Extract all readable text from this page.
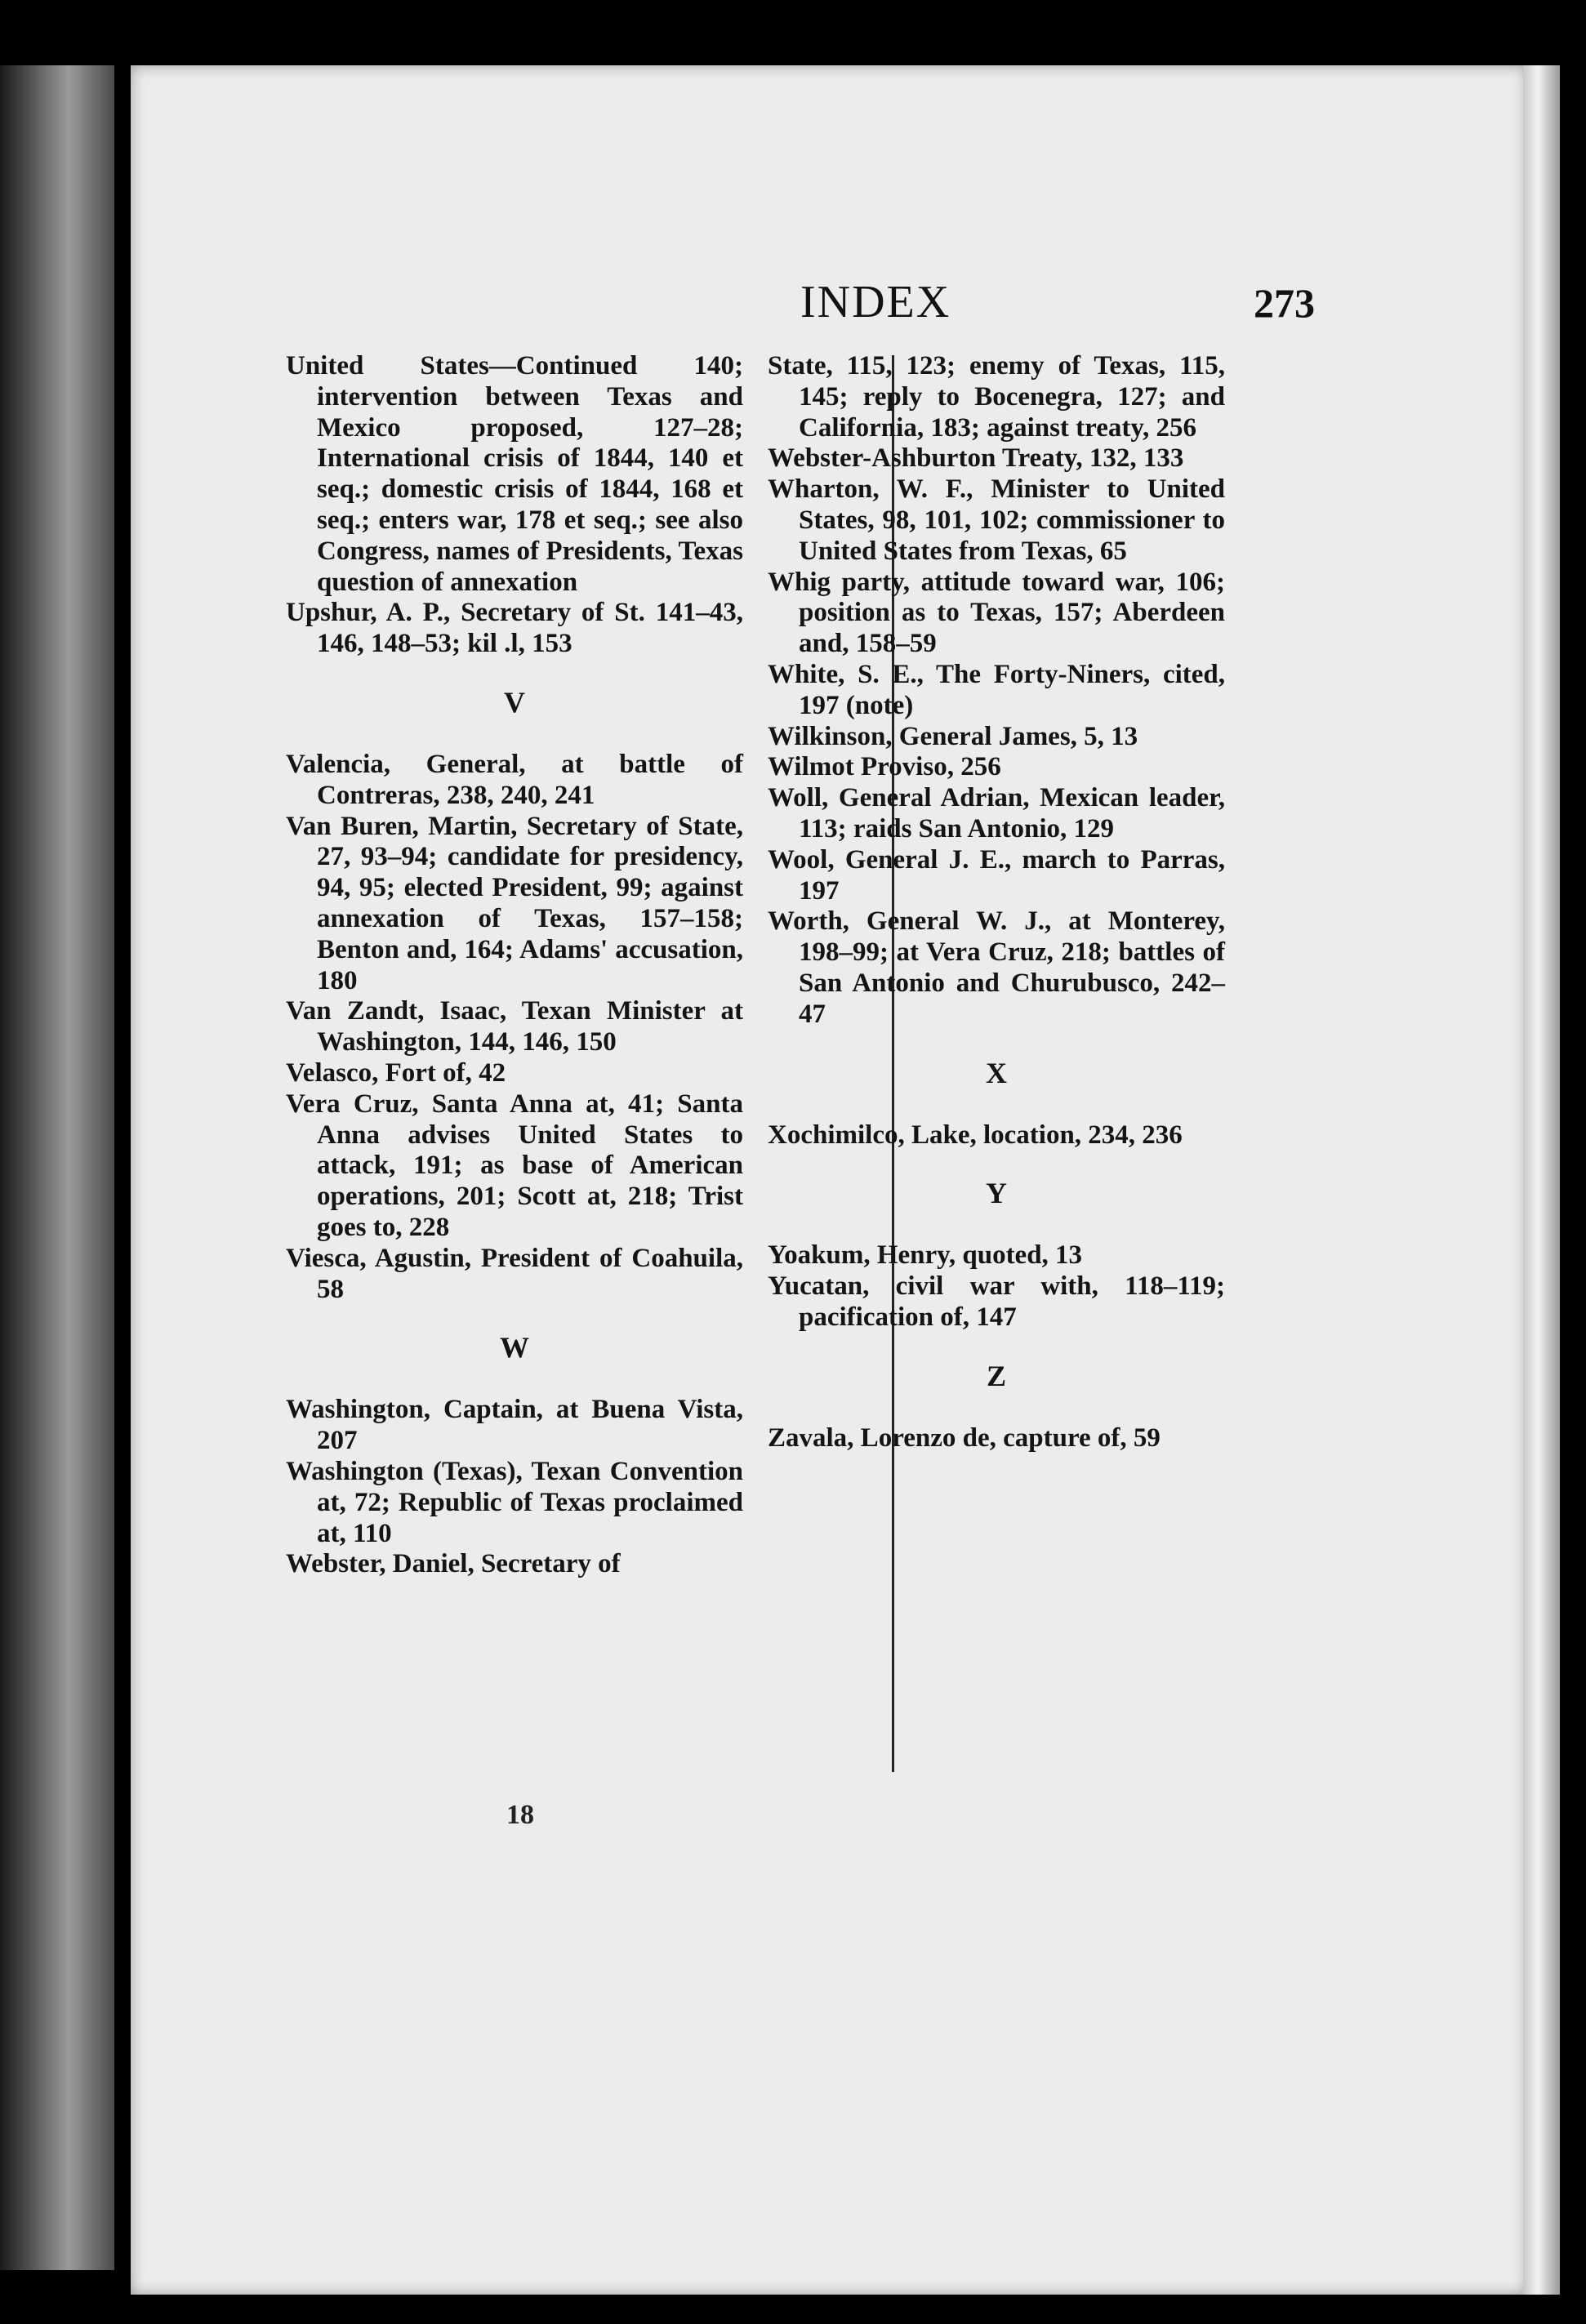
INDEX	273

United States—Continued 140; intervention between Texas and Mexico proposed, 127–28; International crisis of 1844, 140 et seq.; domestic crisis of 1844, 168 et seq.; enters war, 178 et seq.; see also Congress, names of Presidents, Texas question of annexation

Upshur, A. P., Secretary of St. 141–43, 146, 148–53; kil .l, 153

V

Valencia, General, at battle of Contreras, 238, 240, 241

Van Buren, Martin, Secretary of State, 27, 93–94; candidate for presidency, 94, 95; elected President, 99; against annexation of Texas, 157–158; Benton and, 164; Adams' accusation, 180

Van Zandt, Isaac, Texan Minister at Washington, 144, 146, 150

Velasco, Fort of, 42

Vera Cruz, Santa Anna at, 41; Santa Anna advises United States to attack, 191; as base of American operations, 201; Scott at, 218; Trist goes to, 228

Viesca, Agustin, President of Coahuila, 58

W

Washington, Captain, at Buena Vista, 207

Washington (Texas), Texan Convention at, 72; Republic of Texas proclaimed at, 110

Webster, Daniel, Secretary of

State, 115, 123; enemy of Texas, 115, 145; reply to Bocenegra, 127; and California, 183; against treaty, 256

Webster-Ashburton Treaty, 132, 133

Wharton, W. F., Minister to United States, 98, 101, 102; commissioner to United States from Texas, 65

Whig party, attitude toward war, 106; position as to Texas, 157; Aberdeen and, 158–59

White, S. E., The Forty-Niners, cited, 197 (note)

Wilkinson, General James, 5, 13

Wilmot Proviso, 256

Woll, General Adrian, Mexican leader, 113; raids San Antonio, 129

Wool, General J. E., march to Parras, 197

Worth, General W. J., at Monterey, 198–99; at Vera Cruz, 218; battles of San Antonio and Churubusco, 242–47

X

Xochimilco, Lake, location, 234, 236

Y

Yoakum, Henry, quoted, 13

Yucatan, civil war with, 118–119; pacification of, 147

Z

Zavala, Lorenzo de, capture of, 59

18
